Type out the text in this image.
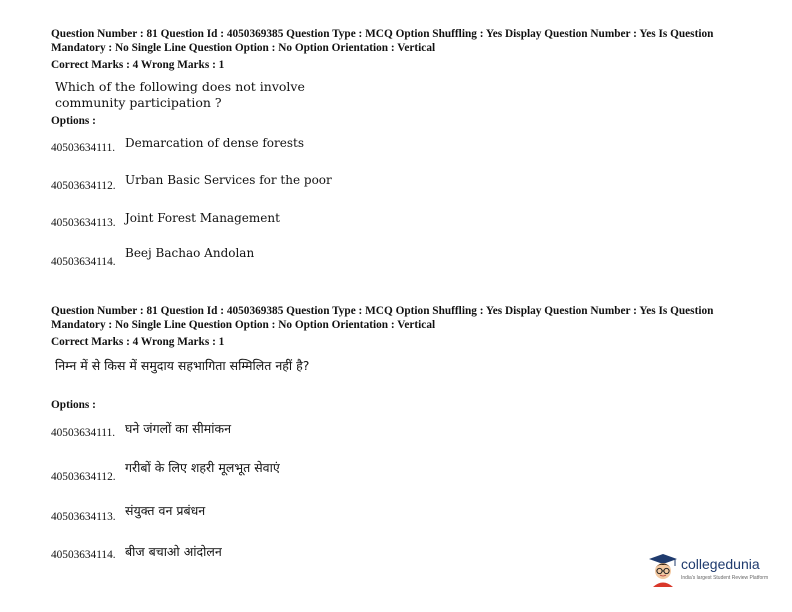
Question Number : 81 Question Id : 4050369385 Question Type : MCQ Option Shuffling : Yes Display Question Number : Yes Is Question Mandatory : No Single Line Question Option : No Option Orientation : Vertical

Correct Marks : 4 Wrong Marks : 1
Which of the following does not involve community participation ?
Options :
40503634111. Demarcation of dense forests
40503634112. Urban Basic Services for the poor
40503634113. Joint Forest Management
40503634114.
Beej Bachao Andolan

Question Number : 81 Question Id : 4050369385 Question Type : MCQ Option Shuffling : Yes Display Question Number : Yes Is Question Mandatory : No Single Line Question Option : No Option Orientation : Vertical

Correct Marks : 4 Wrong Marks : 1
निम्न में से किस में समुदाय सहभागिता सम्मिलित नहीं है?
Options :
40503634111. घने जंगलों का सीमांकन
40503634112.
गरीबों के लिए शहरी मूलभूत सेवाएं
40503634113. संयुक्त वन प्रबंधन
40503634114. बीज बचाओ आंदोलन
collegedunia
India's largest Student Review Platform
